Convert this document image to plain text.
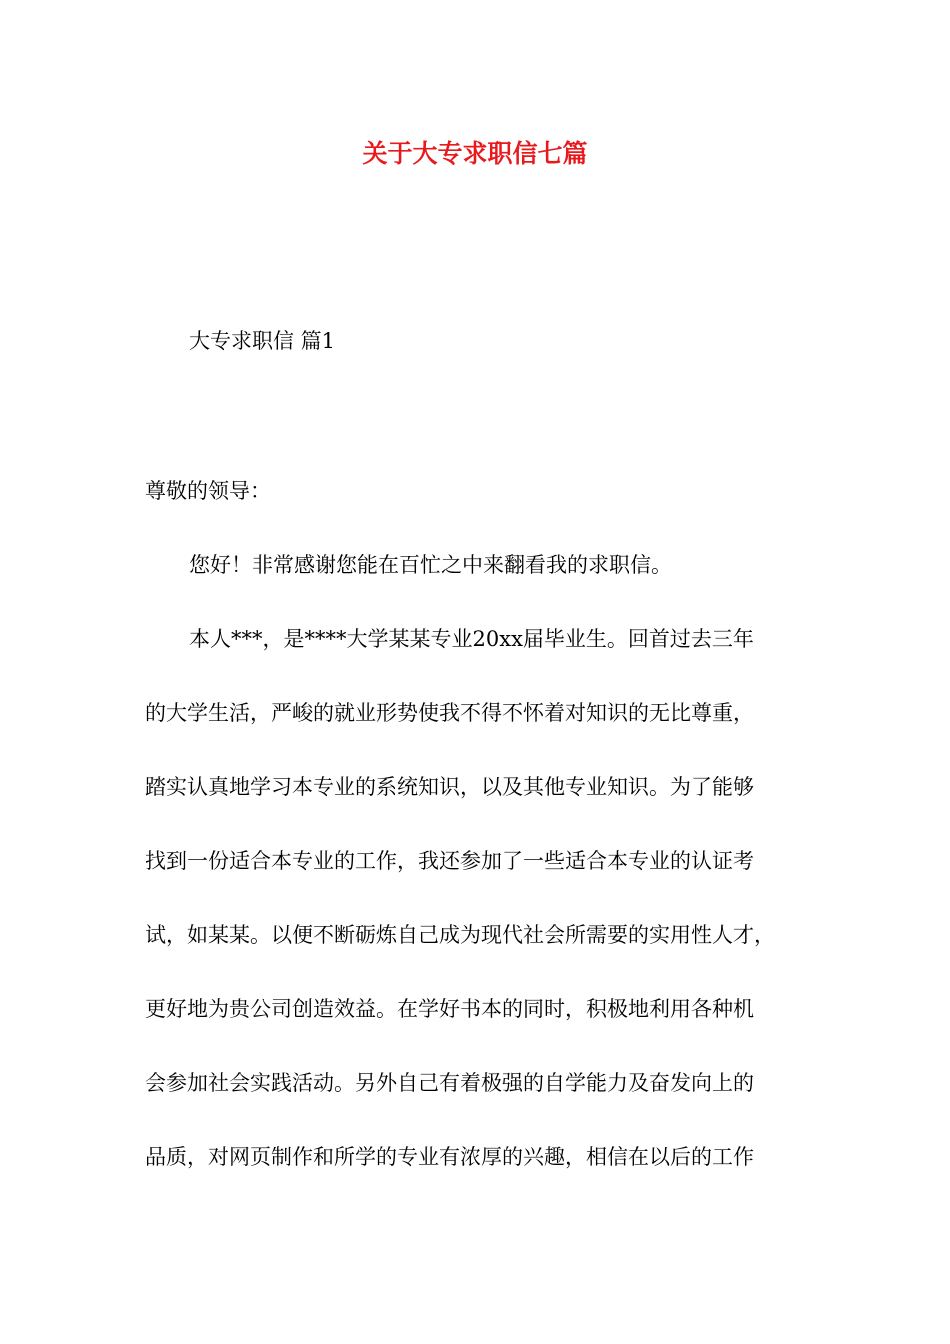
关于大专求职信七篇
大专求职信 篇1
尊敬的领导：
您好！非常感谢您能在百忙之中来翻看我的求职信。
本人***，是****大学某某专业20xx届毕业生。回首过去三年
的大学生活，严峻的就业形势使我不得不怀着对知识的无比尊重，
踏实认真地学习本专业的系统知识，以及其他专业知识。为了能够
找到一份适合本专业的工作，我还参加了一些适合本专业的认证考
试，如某某。以便不断砺炼自己成为现代社会所需要的实用性人才，
更好地为贵公司创造效益。在学好书本的同时，积极地利用各种机
会参加社会实践活动。另外自己有着极强的自学能力及奋发向上的
品质，对网页制作和所学的专业有浓厚的兴趣，相信在以后的工作
